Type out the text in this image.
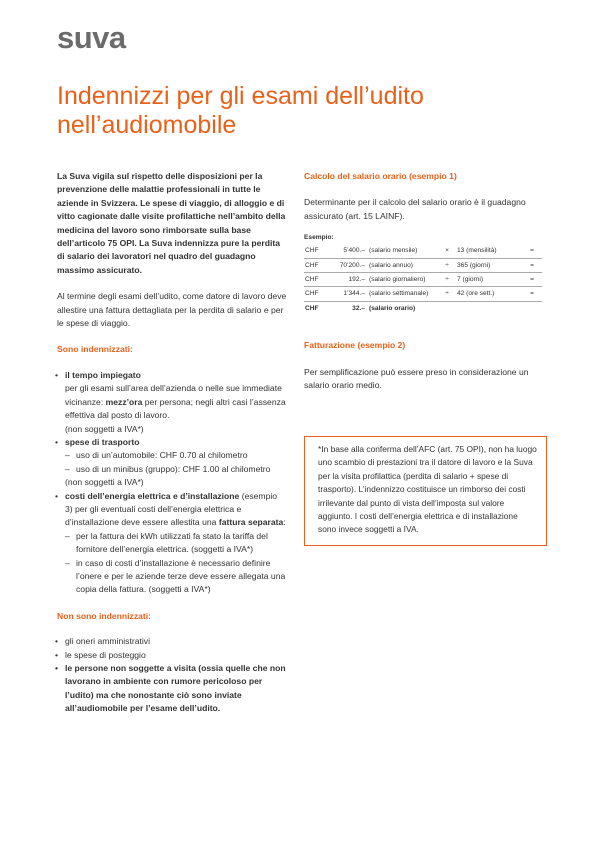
suva
Indennizzi per gli esami dell’udito
nell’audiomobile

La Suva vigila sul rispetto delle disposizioni per la prevenzione delle malattie professionali in tutte le aziende in Svizzera. Le spese di viaggio, di alloggio e di vitto cagionate dalle visite profilattiche nell’ambito della medicina del lavoro sono rimborsate sulla base dell’articolo 75 OPI. La Suva indennizza pure la perdita di salario dei lavoratori nel quadro del guadagno massimo assicurato.

Al termine degli esami dell’udito, come datore di lavoro deve allestire una fattura dettagliata per la perdita di salario e per le spese di viaggio.

Sono indennizzati:

• il tempo impiegato
per gli esami sull’area dell’azienda o nelle sue immediate vicinanze: mezz’ora per persona; negli altri casi l’assenza effettiva dal posto di lavoro.
(non soggetti a IVA*)
• spese di trasporto
– uso di un’automobile: CHF 0.70 al chilometro
– uso di un minibus (gruppo): CHF 1.00 al chilometro
(non soggetti a IVA*)
• costi dell’energia elettrica e d’installazione (esempio 3) per gli eventuali costi dell’energia elettrica e d’installazione deve essere allestita una fattura separata:
– per la fattura dei kWh utilizzati fa stato la tariffa del fornitore dell’energia elettrica. (soggetti a IVA*)
– in caso di costi d’installazione è necessario definire l’onere e per le aziende terze deve essere allegata una copia della fattura. (soggetti a IVA*)

Non sono indennizzati:

• gli oneri amministrativi
• le spese di posteggio
• le persone non soggette a visita (ossia quelle che non lavorano in ambiente con rumore pericoloso per l’udito) ma che nonostante ciò sono inviate all’audiomobile per l’esame dell’udito.

Calcolo del salario orario (esempio 1)

Determinante per il calcolo del salario orario è il guadagno assicurato (art. 15 LAINF).

Esempio:
CHF	5’400.–	(salario mensile)	×	13 (mensilità)	=
CHF	70’200.–	(salario annuo)	÷	365 (giorni)	=
CHF	192.–	(salario giornaliero)	÷	7 (giorni)	=
CHF	1’344.–	(salario settimanale)	÷	42 (ore sett.)	=
CHF	32.–	(salario orario)			

Fatturazione (esempio 2)

Per semplificazione può essere preso in considerazione un salario orario medio.

*In base alla conferma dell’AFC (art. 75 OPI), non ha luogo uno scambio di prestazioni tra il datore di lavoro e la Suva per la visita profilattica (perdita di salario + spese di trasporto). L’indennizzo costituisce un rimborso dei costi irrilevante dal punto di vista dell’imposta sul valore aggiunto. I costi dell’energia elettrica e di installazione sono invece soggetti a IVA.
